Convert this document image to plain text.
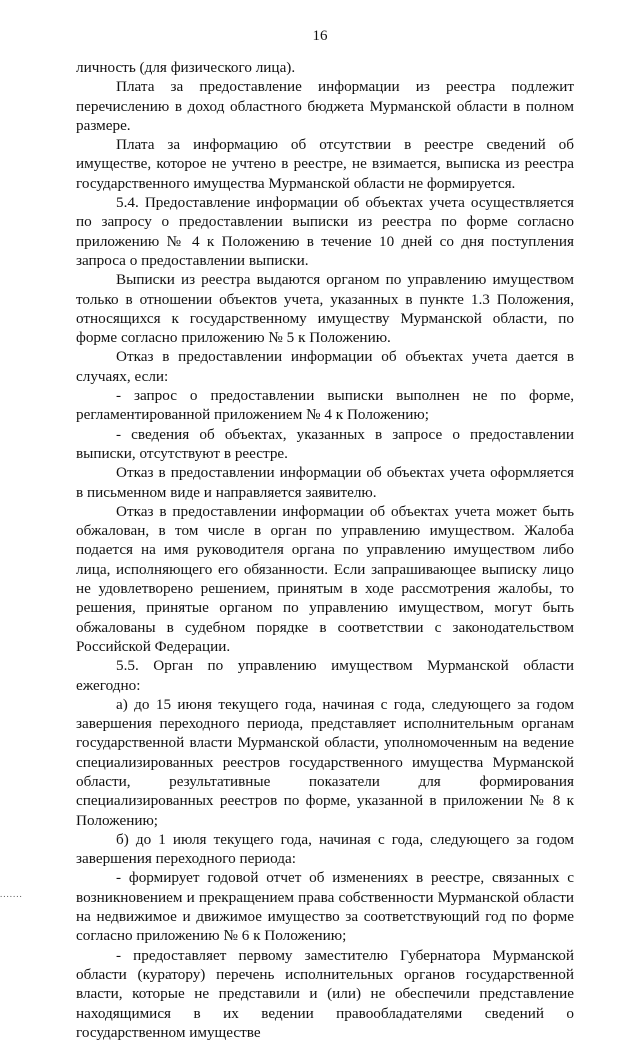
16

личность (для физического лица).

Плата за предоставление информации из реестра подлежит перечислению в доход областного бюджета Мурманской области в полном размере.

Плата за информацию об отсутствии в реестре сведений об имуществе, которое не учтено в реестре, не взимается, выписка из реестра государственного имущества Мурманской области не формируется.

5.4. Предоставление информации об объектах учета осуществляется по запросу о предоставлении выписки из реестра по форме согласно приложению № 4 к Положению в течение 10 дней со дня поступления запроса о предоставлении выписки.

Выписки из реестра выдаются органом по управлению имуществом только в отношении объектов учета, указанных в пункте 1.3 Положения, относящихся к государственному имуществу Мурманской области, по форме согласно приложению № 5 к Положению.

Отказ в предоставлении информации об объектах учета дается в случаях, если:

- запрос о предоставлении выписки выполнен не по форме, регламентированной приложением № 4 к Положению;

- сведения об объектах, указанных в запросе о предоставлении выписки, отсутствуют в реестре.

Отказ в предоставлении информации об объектах учета оформляется в письменном виде и направляется заявителю.

Отказ в предоставлении информации об объектах учета может быть обжалован, в том числе в орган по управлению имуществом. Жалоба подается на имя руководителя органа по управлению имуществом либо лица, исполняющего его обязанности. Если запрашивающее выписку лицо не удовлетворено решением, принятым в ходе рассмотрения жалобы, то решения, принятые органом по управлению имуществом, могут быть обжалованы в судебном порядке в соответствии с законодательством Российской Федерации.

5.5. Орган по управлению имуществом Мурманской области ежегодно:

а) до 15 июня текущего года, начиная с года, следующего за годом завершения переходного периода, представляет исполнительным органам государственной власти Мурманской области, уполномоченным на ведение специализированных реестров государственного имущества Мурманской области, результативные показатели для формирования специализированных реестров по форме, указанной в приложении № 8 к Положению;

б) до 1 июля текущего года, начиная с года, следующего за годом завершения переходного периода:

- формирует годовой отчет об изменениях в реестре, связанных с возникновением и прекращением права собственности Мурманской области на недвижимое и движимое имущество за соответствующий год по форме согласно приложению № 6 к Положению;

- предоставляет первому заместителю Губернатора Мурманской области (куратору) перечень исполнительных органов государственной власти, которые не представили и (или) не обеспечили представление находящимися в их ведении правообладателями сведений о государственном имуществе

.......
